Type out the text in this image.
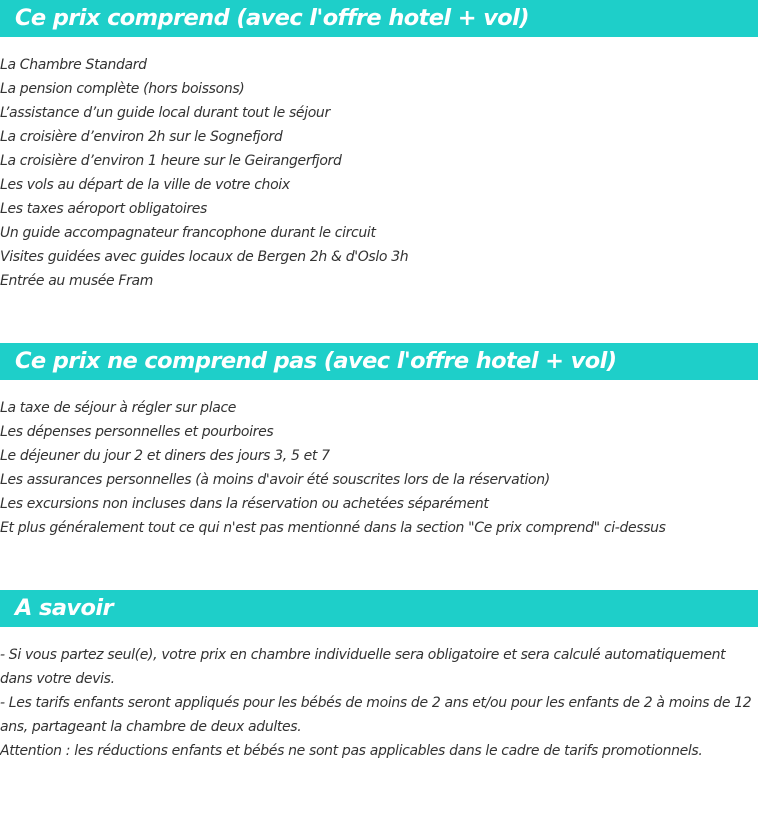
Ce prix comprend (avec l'offre hotel + vol)
La Chambre Standard
La pension complète (hors boissons)
L’assistance d’un guide local durant tout le séjour
La croisière d’environ 2h sur le Sognefjord
La croisière d’environ 1 heure sur le Geirangerfjord
Les vols au départ de la ville de votre choix
Les taxes aéroport obligatoires
Un guide accompagnateur francophone durant le circuit
Visites guidées avec guides locaux de Bergen 2h & d'Oslo 3h
Entrée au musée Fram
Ce prix ne comprend pas (avec l'offre hotel + vol)
La taxe de séjour à régler sur place
Les dépenses personnelles et pourboires
Le déjeuner du jour 2 et diners des jours 3, 5 et 7
Les assurances personnelles (à moins d'avoir été souscrites lors de la réservation)
Les excursions non incluses dans la réservation ou achetées séparément
Et plus généralement tout ce qui n'est pas mentionné dans la section "Ce prix comprend" ci-dessus
A savoir

- Si vous partez seul(e), votre prix en chambre individuelle sera obligatoire et sera calculé automatiquement dans votre devis.

- Les tarifs enfants seront appliqués pour les bébés de moins de 2 ans et/ou pour les enfants de 2 à moins de 12 ans, partageant la chambre de deux adultes.

Attention : les réductions enfants et bébés ne sont pas applicables dans le cadre de tarifs promotionnels.
